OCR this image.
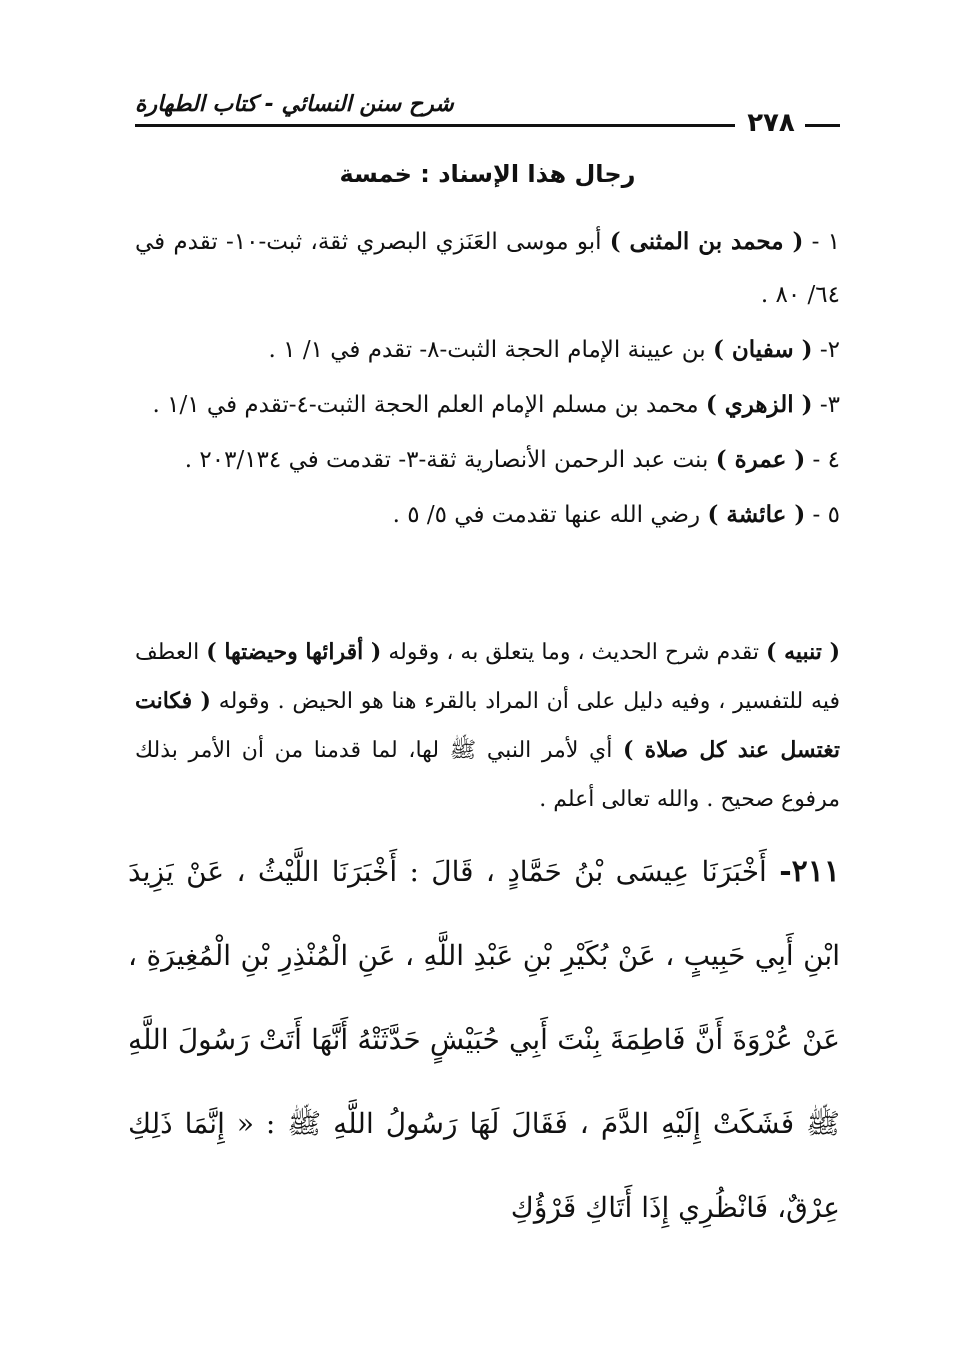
شرح سنن النسائي - كتاب الطهارة
٢٧٨
رجال هذا الإسناد : خمسة

١ - ( محمد بن المثنى ) أبو موسى العَنَزي البصري ثقة، ثبت-١٠- تقدم في ٦٤/ ٨٠ .

٢- ( سفيان ) بن عيينة الإمام الحجة الثبت-٨- تقدم في ١/ ١ .

٣- ( الزهري ) محمد بن مسلم الإمام العلم الحجة الثبت-٤-تقدم في ١/١ .

٤ - ( عمرة ) بنت عبد الرحمن الأنصارية ثقة-٣- تقدمت في ٢٠٣/١٣٤ .

٥ - ( عائشة ) رضي الله عنها تقدمت في ٥/ ٥ .

( تنبيه ) تقدم شرح الحديث ، وما يتعلق به ، وقوله ( أقرائها وحيضتها ) العطف فيه للتفسير ، وفيه دليل على أن المراد بالقرء هنا هو الحيض . وقوله ( فكانت تغتسل عند كل صلاة ) أي لأمر النبي ﷺ لها، لما قدمنا من أن الأمر بذلك مرفوع صحيح . والله تعالى أعلم .
٢١١- أَخْبَرَنَا عِيسَى بْنُ حَمَّادٍ ، قَالَ : أَخْبَرَنَا اللَّيْثُ ، عَنْ يَزِيدَ ابْنِ أَبِي حَبِيبٍ ، عَنْ بُكَيْرِ بْنِ عَبْدِ اللَّهِ ، عَنِ الْمُنْذِرِ بْنِ الْمُغِيرَةِ ، عَنْ عُرْوَةَ أَنَّ فَاطِمَةَ بِنْتَ أَبِي حُبَيْشٍ حَدَّثَتْهُ أَنَّهَا أَتَتْ رَسُولَ اللَّهِ ﷺ فَشَكَتْ إِلَيْهِ الدَّمَ ، فَقَالَ لَهَا رَسُولُ اللَّهِ ﷺ : « إِنَّمَا ذَلِكِ عِرْقٌ، فَانْظُرِي إِذَا أَتَاكِ قَرْؤُكِ
